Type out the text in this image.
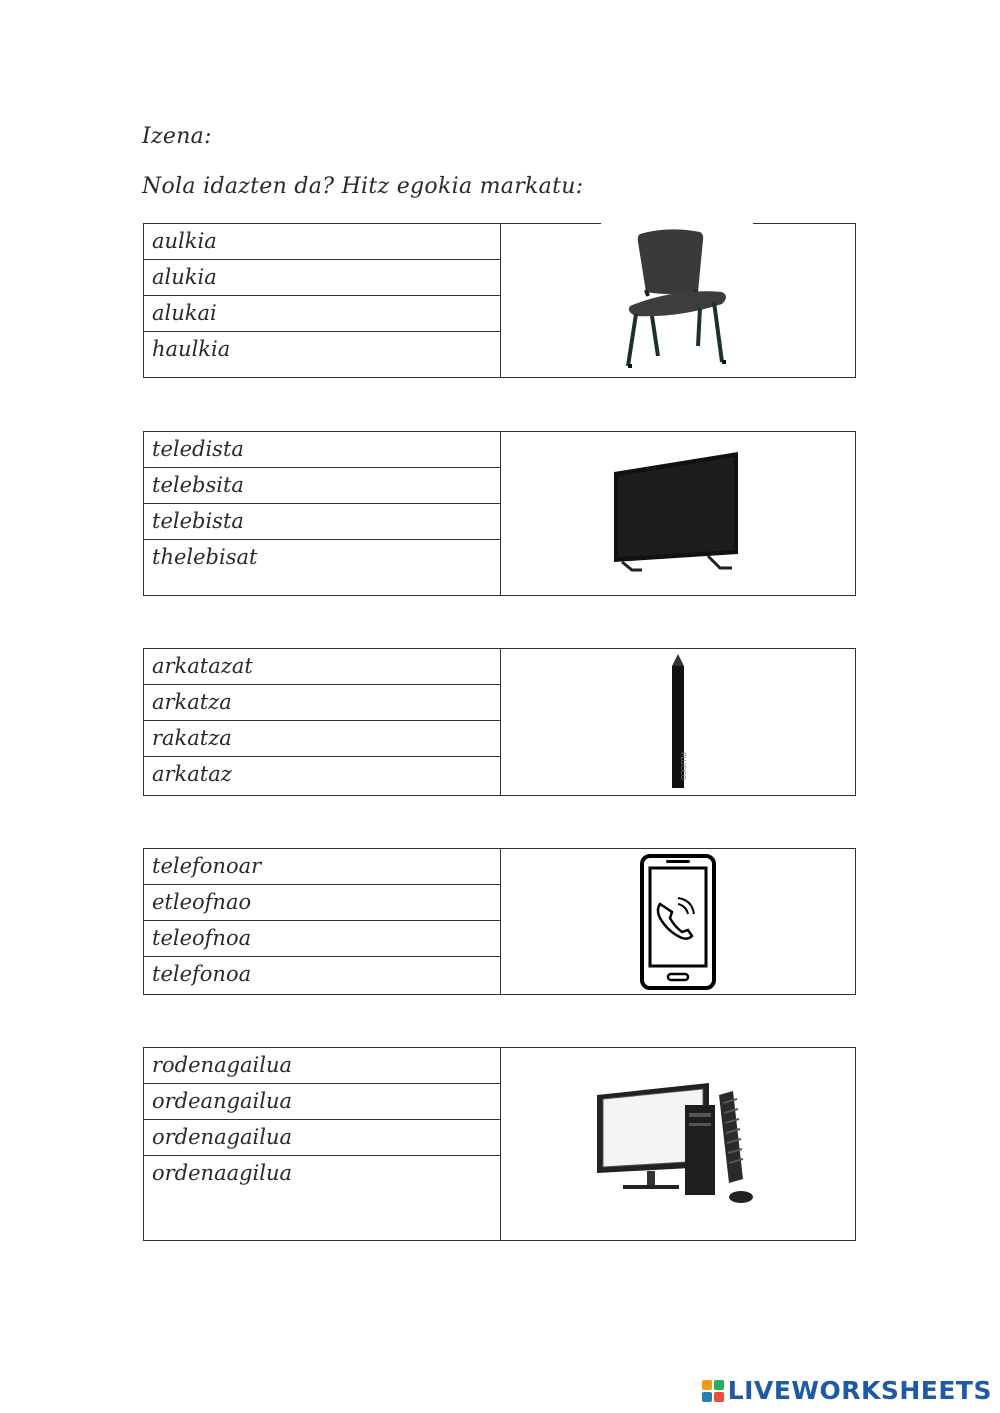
Izena:
Nola idazten da? Hitz egokia markatu:
aulkia
alukia
alukai
haulkia
teledista
telebsita
telebista
thelebisat
arkatazat
arkatza
rakatza
arkataz	PLUCCO
telefonoar
etleofnao
teleofnoa
telefonoa
rodenagailua
ordeangailua
ordenagailua
ordenaagilua
LIVEWORKSHEETS
